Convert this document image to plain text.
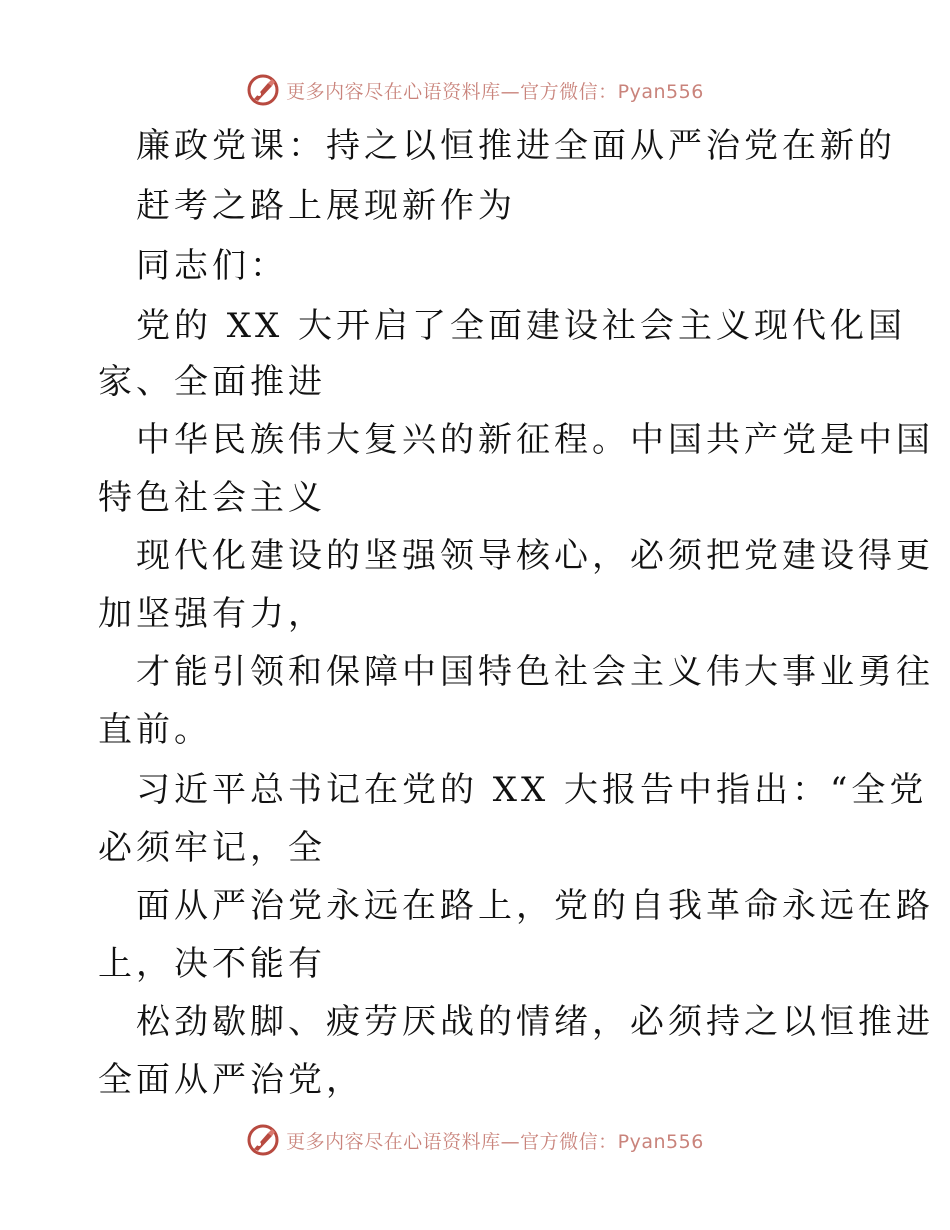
更多内容尽在心语资料库—官方微信：Pyan556
廉政党课：持之以恒推进全面从严治党在新的
赶考之路上展现新作为
同志们：
党的 XX 大开启了全面建设社会主义现代化国
家、全面推进
中华民族伟大复兴的新征程。中国共产党是中国
特色社会主义
现代化建设的坚强领导核心，必须把党建设得更
加坚强有力，
才能引领和保障中国特色社会主义伟大事业勇往
直前。
习近平总书记在党的 XX 大报告中指出：“全党
必须牢记，全
面从严治党永远在路上，党的自我革命永远在路
上，决不能有
松劲歇脚、疲劳厌战的情绪，必须持之以恒推进
全面从严治党，
更多内容尽在心语资料库—官方微信：Pyan556
